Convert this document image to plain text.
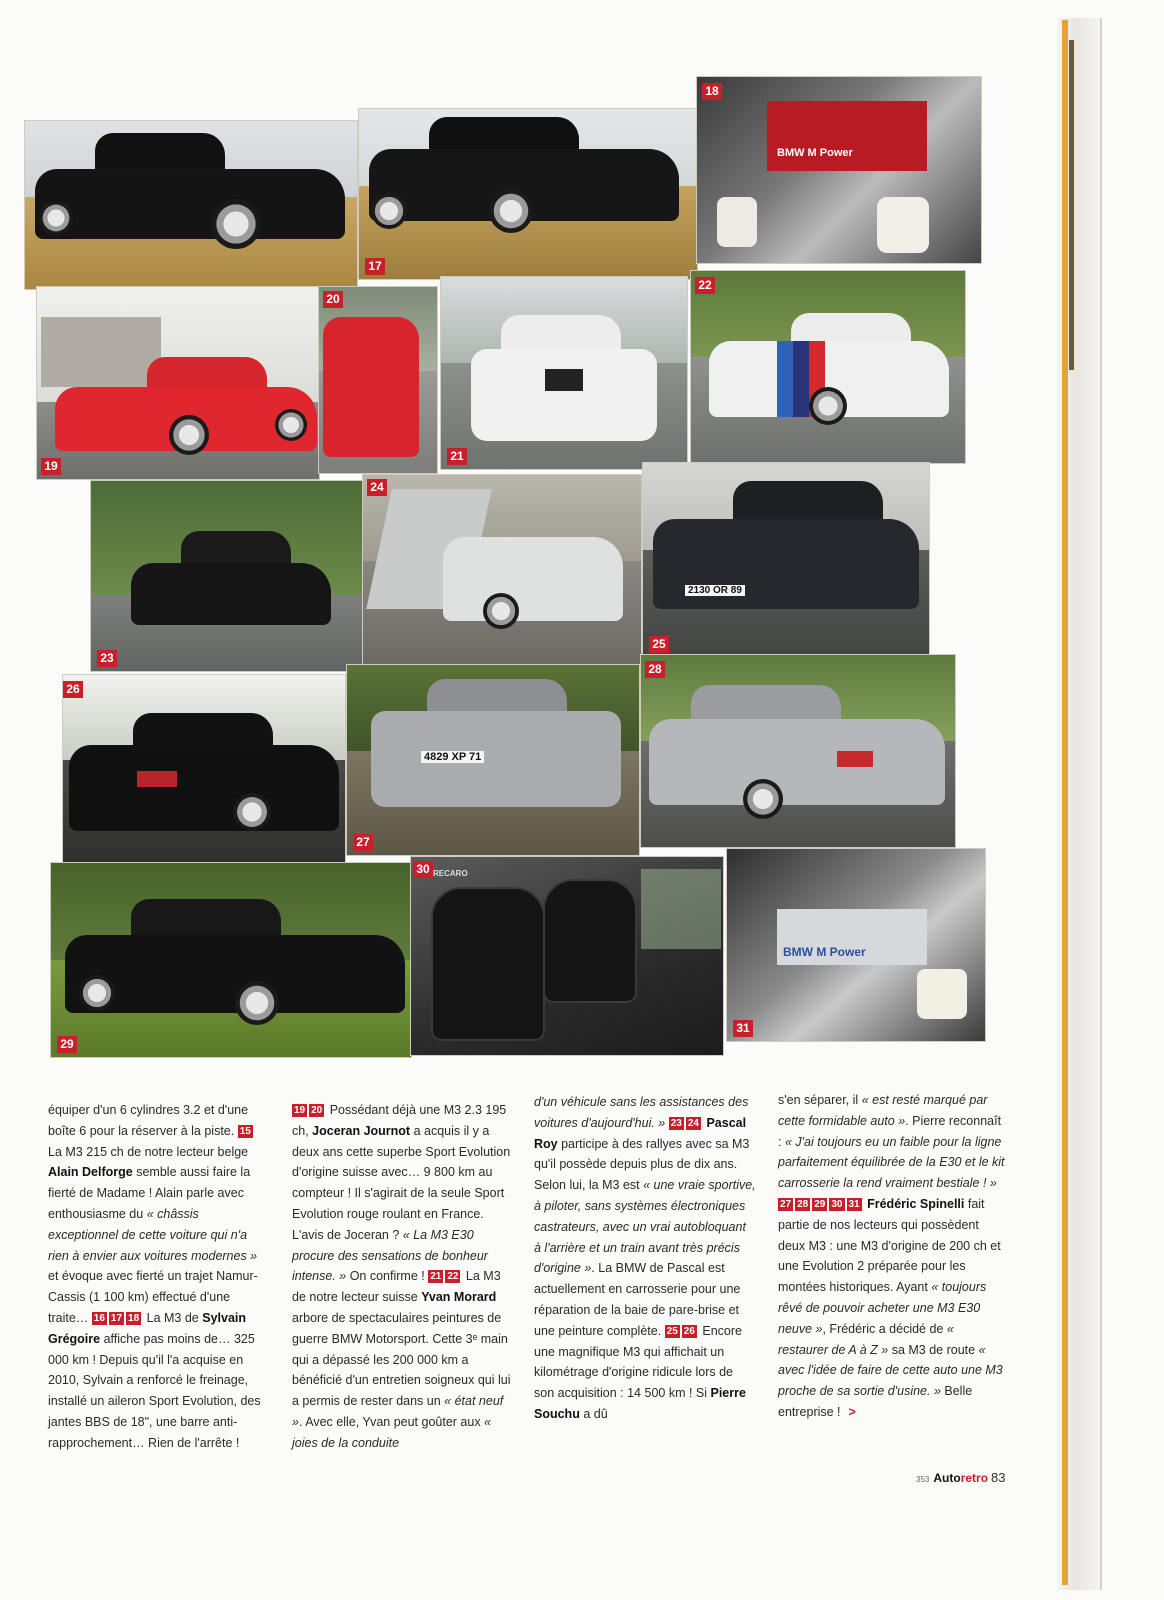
17
BMW M Power
18
19
20
21
22
23
24
2130 OR 89
25
26
4829 XP 71
27
28
29
RECARO
30
BMW M Power
31

équiper d'un 6 cylindres 3.2 et d'une boîte 6 pour la réserver à la piste. 15 La M3 215 ch de notre lecteur belge Alain Delforge semble aussi faire la fierté de Madame ! Alain parle avec enthousiasme du « châssis exceptionnel de cette voiture qui n'a rien à envier aux voitures modernes » et évoque avec fierté un trajet Namur-Cassis (1 100 km) effectué d'une traite… 16 17 18 La M3 de Sylvain Grégoire affiche pas moins de… 325 000 km ! Depuis qu'il l'a acquise en 2010, Sylvain a renforcé le freinage, installé un aileron Sport Evolution, des jantes BBS de 18", une barre anti-rapprochement… Rien de l'arrête !

19 20 Possédant déjà une M3 2.3 195 ch, Joceran Journot a acquis il y a deux ans cette superbe Sport Evolution d'origine suisse avec… 9 800 km au compteur ! Il s'agirait de la seule Sport Evolution rouge roulant en France. L'avis de Joceran ? « La M3 E30 procure des sensations de bonheur intense. » On confirme ! 21 22 La M3 de notre lecteur suisse Yvan Morard arbore de spectaculaires peintures de guerre BMW Motorsport. Cette 3ᵉ main qui a dépassé les 200 000 km a bénéficié d'un entretien soigneux qui lui a permis de rester dans un « état neuf ». Avec elle, Yvan peut goûter aux « joies de la conduite

d'un véhicule sans les assistances des voitures d'aujourd'hui. » 23 24 Pascal Roy participe à des rallyes avec sa M3 qu'il possède depuis plus de dix ans. Selon lui, la M3 est « une vraie sportive, à piloter, sans systèmes électroniques castrateurs, avec un vrai autobloquant à l'arrière et un train avant très précis d'origine ». La BMW de Pascal est actuellement en carrosserie pour une réparation de la baie de pare-brise et une peinture complète. 25 26 Encore une magnifique M3 qui affichait un kilométrage d'origine ridicule lors de son acquisition : 14 500 km ! Si Pierre Souchu a dû

s'en séparer, il « est resté marqué par cette formidable auto ». Pierre reconnaît : « J'ai toujours eu un faible pour la ligne parfaitement équilibrée de la E30 et le kit carrosserie la rend vraiment bestiale ! » 27 28 29 30 31 Frédéric Spinelli fait partie de nos lecteurs qui possèdent deux M3 : une M3 d'origine de 200 ch et une Evolution 2 préparée pour les montées historiques. Ayant « toujours rêvé de pouvoir acheter une M3 E30 neuve », Frédéric a décidé de « restaurer de A à Z » sa M3 de route « avec l'idée de faire de cette auto une M3 proche de sa sortie d'usine. » Belle entreprise ! >

353 Autoretro 83
